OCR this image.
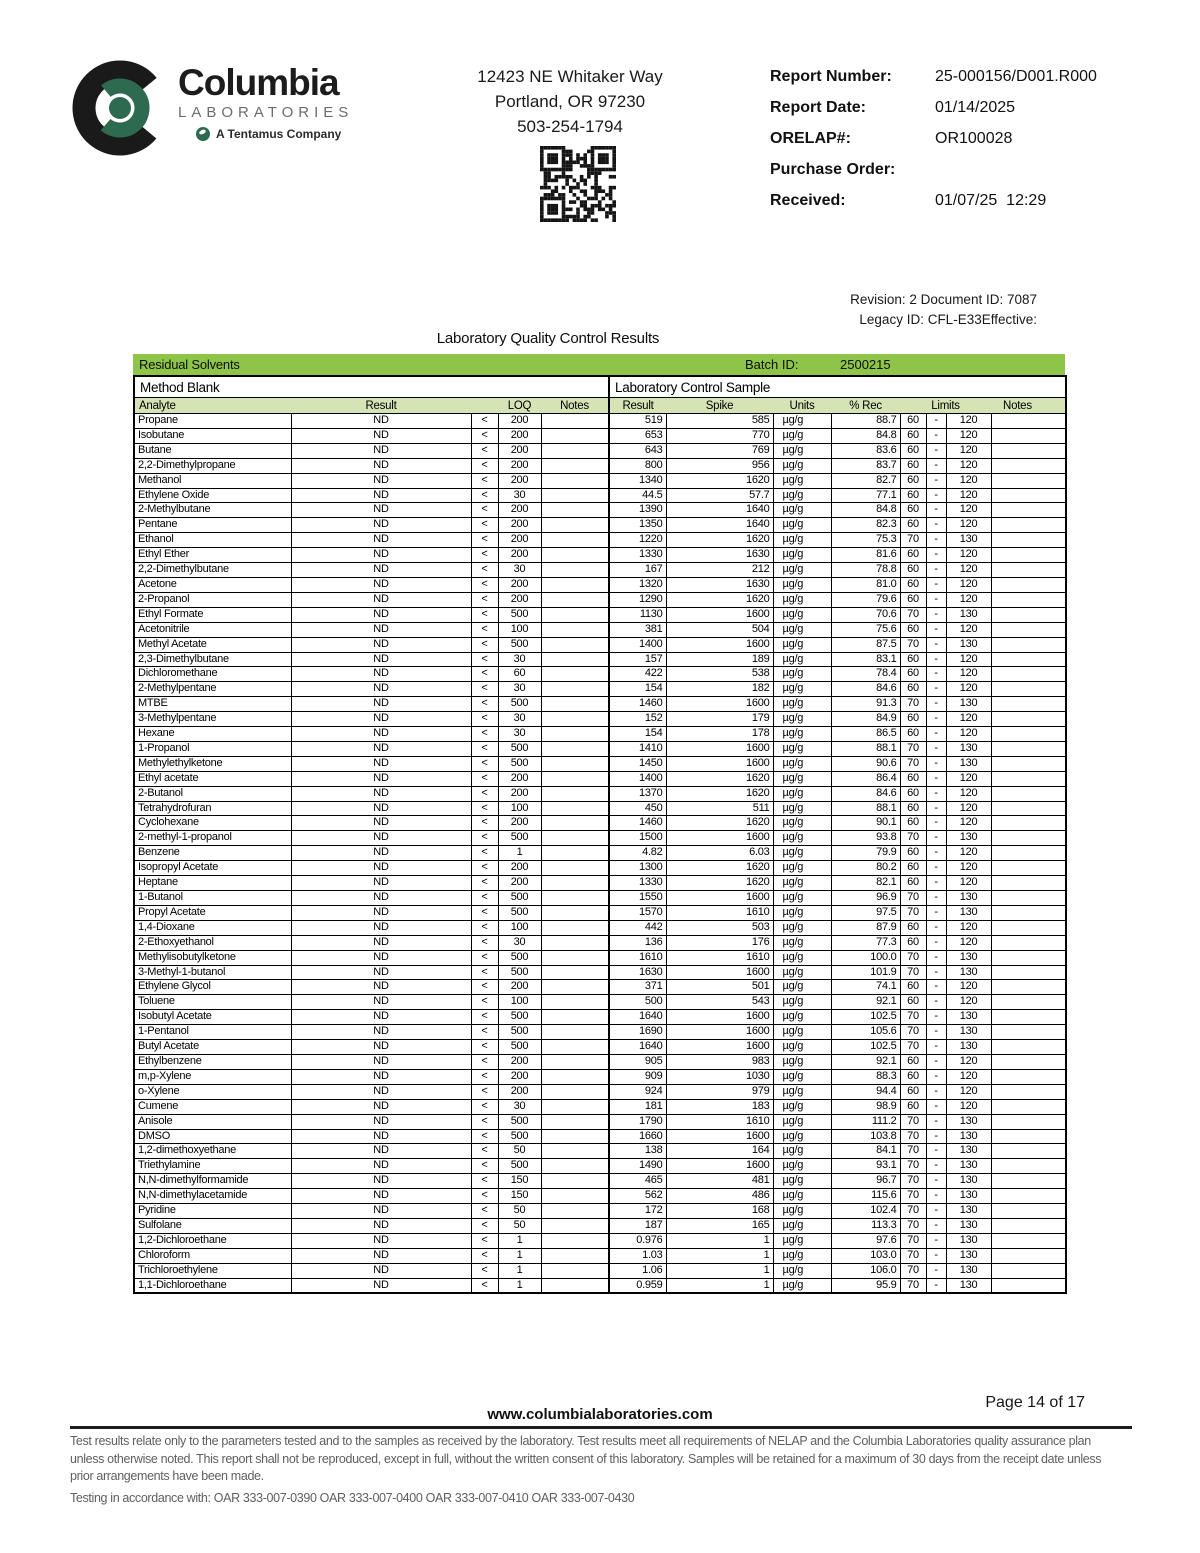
Columbia
LABORATORIES
A Tentamus Company
12423 NE Whitaker Way
Portland, OR 97230
503-254-1794
Report Number:	25-000156/D001.R000
Report Date:	01/14/2025
ORELAP#:	OR100028
Purchase Order:
Received:	01/07/25  12:29
Revision: 2 Document ID: 7087
Legacy ID: CFL-E33Effective:
Laboratory Quality Control Results
Residual Solvents	Batch ID:	2500215
Method Blank					Laboratory Control Sample							
Analyte	Result		LOQ	Notes	Result	Spike	Units	% Rec	Limits			Notes
Propane	ND	<	200		519	585	µg/g	88.7	60	-	120	
Isobutane	ND	<	200		653	770	µg/g	84.8	60	-	120	
Butane	ND	<	200		643	769	µg/g	83.6	60	-	120	
2,2-Dimethylpropane	ND	<	200		800	956	µg/g	83.7	60	-	120	
Methanol	ND	<	200		1340	1620	µg/g	82.7	60	-	120	
Ethylene Oxide	ND	<	30		44.5	57.7	µg/g	77.1	60	-	120	
2-Methylbutane	ND	<	200		1390	1640	µg/g	84.8	60	-	120	
Pentane	ND	<	200		1350	1640	µg/g	82.3	60	-	120	
Ethanol	ND	<	200		1220	1620	µg/g	75.3	70	-	130	
Ethyl Ether	ND	<	200		1330	1630	µg/g	81.6	60	-	120	
2,2-Dimethylbutane	ND	<	30		167	212	µg/g	78.8	60	-	120	
Acetone	ND	<	200		1320	1630	µg/g	81.0	60	-	120	
2-Propanol	ND	<	200		1290	1620	µg/g	79.6	60	-	120	
Ethyl Formate	ND	<	500		1130	1600	µg/g	70.6	70	-	130	
Acetonitrile	ND	<	100		381	504	µg/g	75.6	60	-	120	
Methyl Acetate	ND	<	500		1400	1600	µg/g	87.5	70	-	130	
2,3-Dimethylbutane	ND	<	30		157	189	µg/g	83.1	60	-	120	
Dichloromethane	ND	<	60		422	538	µg/g	78.4	60	-	120	
2-Methylpentane	ND	<	30		154	182	µg/g	84.6	60	-	120	
MTBE	ND	<	500		1460	1600	µg/g	91.3	70	-	130	
3-Methylpentane	ND	<	30		152	179	µg/g	84.9	60	-	120	
Hexane	ND	<	30		154	178	µg/g	86.5	60	-	120	
1-Propanol	ND	<	500		1410	1600	µg/g	88.1	70	-	130	
Methylethylketone	ND	<	500		1450	1600	µg/g	90.6	70	-	130	
Ethyl acetate	ND	<	200		1400	1620	µg/g	86.4	60	-	120	
2-Butanol	ND	<	200		1370	1620	µg/g	84.6	60	-	120	
Tetrahydrofuran	ND	<	100		450	511	µg/g	88.1	60	-	120	
Cyclohexane	ND	<	200		1460	1620	µg/g	90.1	60	-	120	
2-methyl-1-propanol	ND	<	500		1500	1600	µg/g	93.8	70	-	130	
Benzene	ND	<	1		4.82	6.03	µg/g	79.9	60	-	120	
Isopropyl Acetate	ND	<	200		1300	1620	µg/g	80.2	60	-	120	
Heptane	ND	<	200		1330	1620	µg/g	82.1	60	-	120	
1-Butanol	ND	<	500		1550	1600	µg/g	96.9	70	-	130	
Propyl Acetate	ND	<	500		1570	1610	µg/g	97.5	70	-	130	
1,4-Dioxane	ND	<	100		442	503	µg/g	87.9	60	-	120	
2-Ethoxyethanol	ND	<	30		136	176	µg/g	77.3	60	-	120	
Methylisobutylketone	ND	<	500		1610	1610	µg/g	100.0	70	-	130	
3-Methyl-1-butanol	ND	<	500		1630	1600	µg/g	101.9	70	-	130	
Ethylene Glycol	ND	<	200		371	501	µg/g	74.1	60	-	120	
Toluene	ND	<	100		500	543	µg/g	92.1	60	-	120	
Isobutyl Acetate	ND	<	500		1640	1600	µg/g	102.5	70	-	130	
1-Pentanol	ND	<	500		1690	1600	µg/g	105.6	70	-	130	
Butyl Acetate	ND	<	500		1640	1600	µg/g	102.5	70	-	130	
Ethylbenzene	ND	<	200		905	983	µg/g	92.1	60	-	120	
m,p-Xylene	ND	<	200		909	1030	µg/g	88.3	60	-	120	
o-Xylene	ND	<	200		924	979	µg/g	94.4	60	-	120	
Cumene	ND	<	30		181	183	µg/g	98.9	60	-	120	
Anisole	ND	<	500		1790	1610	µg/g	111.2	70	-	130	
DMSO	ND	<	500		1660	1600	µg/g	103.8	70	-	130	
1,2-dimethoxyethane	ND	<	50		138	164	µg/g	84.1	70	-	130	
Triethylamine	ND	<	500		1490	1600	µg/g	93.1	70	-	130	
N,N-dimethylformamide	ND	<	150		465	481	µg/g	96.7	70	-	130	
N,N-dimethylacetamide	ND	<	150		562	486	µg/g	115.6	70	-	130	
Pyridine	ND	<	50		172	168	µg/g	102.4	70	-	130	
Sulfolane	ND	<	50		187	165	µg/g	113.3	70	-	130	
1,2-Dichloroethane	ND	<	1		0.976	1	µg/g	97.6	70	-	130	
Chloroform	ND	<	1		1.03	1	µg/g	103.0	70	-	130	
Trichloroethylene	ND	<	1		1.06	1	µg/g	106.0	70	-	130	
1,1-Dichloroethane	ND	<	1		0.959	1	µg/g	95.9	70	-	130	
Page 14 of 17
www.columbialaboratories.com
Test results relate only to the parameters tested and to the samples as received by the laboratory. Test results meet all requirements of NELAP and the Columbia Laboratories quality assurance plan
unless otherwise noted. This report shall not be reproduced, except in full, without the written consent of this laboratory. Samples will be retained for a maximum of 30 days from the receipt date unless
prior arrangements have been made.
Testing in accordance with: OAR 333-007-0390 OAR 333-007-0400 OAR 333-007-0410 OAR 333-007-0430
